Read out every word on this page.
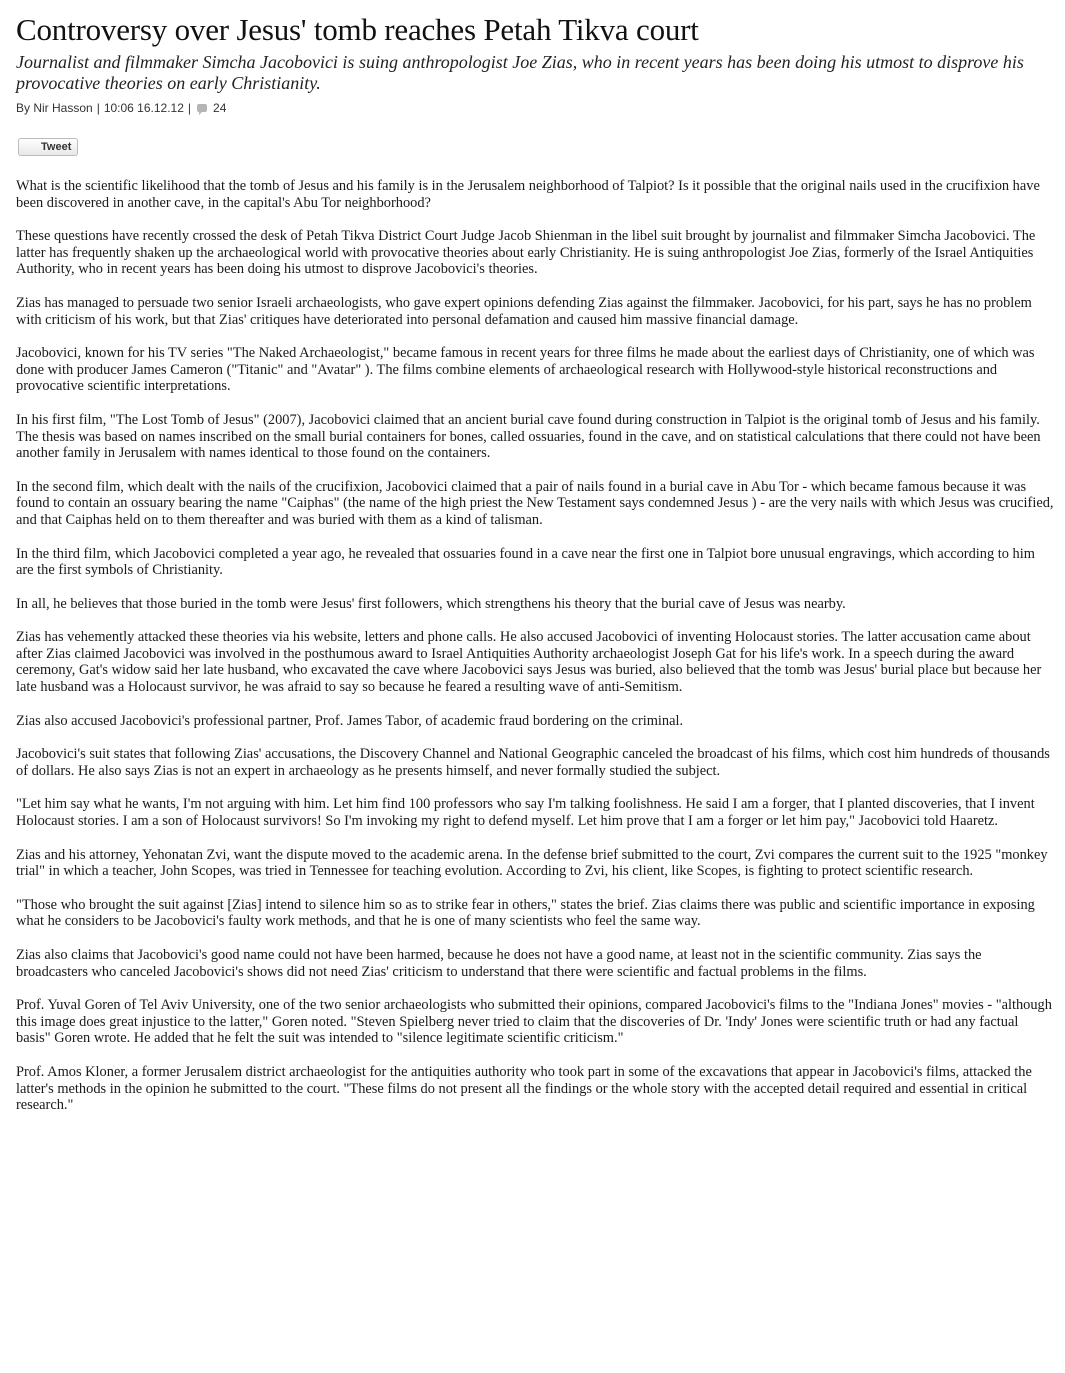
Controversy over Jesus' tomb reaches Petah Tikva court
Journalist and filmmaker Simcha Jacobovici is suing anthropologist Joe Zias, who in recent years has been doing his utmost to disprove his provocative theories on early Christianity.
By Nir Hasson | 10:06 16.12.12 | 24
Tweet

What is the scientific likelihood that the tomb of Jesus and his family is in the Jerusalem neighborhood of Talpiot? Is it possible that the original nails used in the crucifixion have been discovered in another cave, in the capital's Abu Tor neighborhood?

These questions have recently crossed the desk of Petah Tikva District Court Judge Jacob Shienman in the libel suit brought by journalist and filmmaker Simcha Jacobovici. The latter has frequently shaken up the archaeological world with provocative theories about early Christianity. He is suing anthropologist Joe Zias, formerly of the Israel Antiquities Authority, who in recent years has been doing his utmost to disprove Jacobovici's theories.

Zias has managed to persuade two senior Israeli archaeologists, who gave expert opinions defending Zias against the filmmaker. Jacobovici, for his part, says he has no problem with criticism of his work, but that Zias' critiques have deteriorated into personal defamation and caused him massive financial damage.

Jacobovici, known for his TV series "The Naked Archaeologist," became famous in recent years for three films he made about the earliest days of Christianity, one of which was done with producer James Cameron ("Titanic" and "Avatar" ). The films combine elements of archaeological research with Hollywood-style historical reconstructions and provocative scientific interpretations.

In his first film, "The Lost Tomb of Jesus" (2007), Jacobovici claimed that an ancient burial cave found during construction in Talpiot is the original tomb of Jesus and his family. The thesis was based on names inscribed on the small burial containers for bones, called ossuaries, found in the cave, and on statistical calculations that there could not have been another family in Jerusalem with names identical to those found on the containers.

In the second film, which dealt with the nails of the crucifixion, Jacobovici claimed that a pair of nails found in a burial cave in Abu Tor - which became famous because it was found to contain an ossuary bearing the name "Caiphas" (the name of the high priest the New Testament says condemned Jesus ) - are the very nails with which Jesus was crucified, and that Caiphas held on to them thereafter and was buried with them as a kind of talisman.

In the third film, which Jacobovici completed a year ago, he revealed that ossuaries found in a cave near the first one in Talpiot bore unusual engravings, which according to him are the first symbols of Christianity.

In all, he believes that those buried in the tomb were Jesus' first followers, which strengthens his theory that the burial cave of Jesus was nearby.

Zias has vehemently attacked these theories via his website, letters and phone calls. He also accused Jacobovici of inventing Holocaust stories. The latter accusation came about after Zias claimed Jacobovici was involved in the posthumous award to Israel Antiquities Authority archaeologist Joseph Gat for his life's work. In a speech during the award ceremony, Gat's widow said her late husband, who excavated the cave where Jacobovici says Jesus was buried, also believed that the tomb was Jesus' burial place but because her late husband was a Holocaust survivor, he was afraid to say so because he feared a resulting wave of anti-Semitism.

Zias also accused Jacobovici's professional partner, Prof. James Tabor, of academic fraud bordering on the criminal.

Jacobovici's suit states that following Zias' accusations, the Discovery Channel and National Geographic canceled the broadcast of his films, which cost him hundreds of thousands of dollars. He also says Zias is not an expert in archaeology as he presents himself, and never formally studied the subject.

"Let him say what he wants, I'm not arguing with him. Let him find 100 professors who say I'm talking foolishness. He said I am a forger, that I planted discoveries, that I invent Holocaust stories. I am a son of Holocaust survivors! So I'm invoking my right to defend myself. Let him prove that I am a forger or let him pay," Jacobovici told Haaretz.

Zias and his attorney, Yehonatan Zvi, want the dispute moved to the academic arena. In the defense brief submitted to the court, Zvi compares the current suit to the 1925 "monkey trial" in which a teacher, John Scopes, was tried in Tennessee for teaching evolution. According to Zvi, his client, like Scopes, is fighting to protect scientific research.

"Those who brought the suit against [Zias] intend to silence him so as to strike fear in others," states the brief. Zias claims there was public and scientific importance in exposing what he considers to be Jacobovici's faulty work methods, and that he is one of many scientists who feel the same way.

Zias also claims that Jacobovici's good name could not have been harmed, because he does not have a good name, at least not in the scientific community. Zias says the broadcasters who canceled Jacobovici's shows did not need Zias' criticism to understand that there were scientific and factual problems in the films.

Prof. Yuval Goren of Tel Aviv University, one of the two senior archaeologists who submitted their opinions, compared Jacobovici's films to the "Indiana Jones" movies - "although this image does great injustice to the latter," Goren noted. "Steven Spielberg never tried to claim that the discoveries of Dr. 'Indy' Jones were scientific truth or had any factual basis" Goren wrote. He added that he felt the suit was intended to "silence legitimate scientific criticism."

Prof. Amos Kloner, a former Jerusalem district archaeologist for the antiquities authority who took part in some of the excavations that appear in Jacobovici's films, attacked the latter's methods in the opinion he submitted to the court. "These films do not present all the findings or the whole story with the accepted detail required and essential in critical research."
